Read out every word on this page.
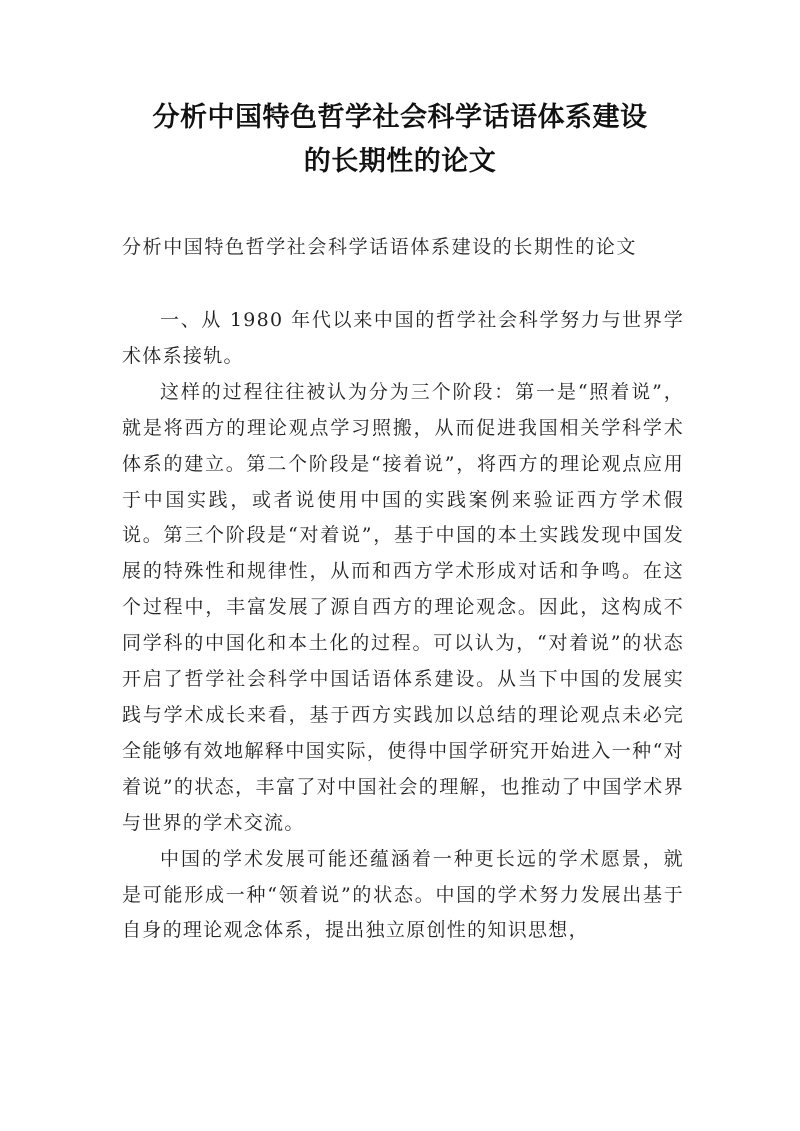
分析中国特色哲学社会科学话语体系建设
的长期性的论文
分析中国特色哲学社会科学话语体系建设的长期性的论文

一、从 1980 年代以来中国的哲学社会科学努力与世界学术体系接轨。

这样的过程往往被认为分为三个阶段：第一是“照着说”，就是将西方的理论观点学习照搬，从而促进我国相关学科学术体系的建立。第二个阶段是“接着说”，将西方的理论观点应用于中国实践，或者说使用中国的实践案例来验证西方学术假说。第三个阶段是“对着说”，基于中国的本土实践发现中国发展的特殊性和规律性，从而和西方学术形成对话和争鸣。在这个过程中，丰富发展了源自西方的理论观念。因此，这构成不同学科的中国化和本土化的过程。可以认为，“对着说”的状态开启了哲学社会科学中国话语体系建设。从当下中国的发展实践与学术成长来看，基于西方实践加以总结的理论观点未必完全能够有效地解释中国实际，使得中国学研究开始进入一种“对着说”的状态，丰富了对中国社会的理解，也推动了中国学术界与世界的学术交流。

中国的学术发展可能还蕴涵着一种更长远的学术愿景，就是可能形成一种“领着说”的状态。中国的学术努力发展出基于自身的理论观念体系，提出独立原创性的知识思想，
